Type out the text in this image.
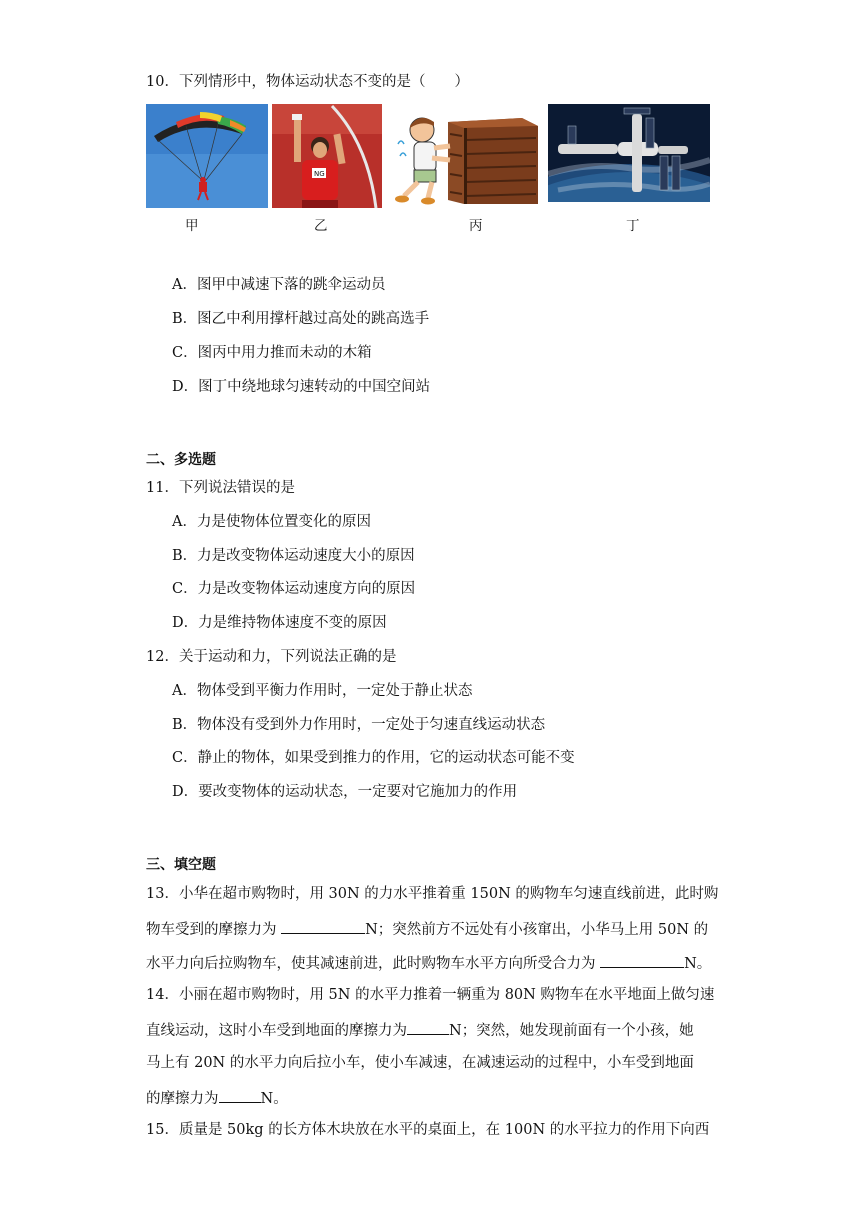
10．下列情形中，物体运动状态不变的是（　　）
NG
甲	乙	丙	丁
A．图甲中减速下落的跳伞运动员
B．图乙中利用撑杆越过高处的跳高选手
C．图丙中用力推而未动的木箱
D．图丁中绕地球匀速转动的中国空间站
二、多选题
11．下列说法错误的是
A．力是使物体位置变化的原因
B．力是改变物体运动速度大小的原因
C．力是改变物体运动速度方向的原因
D．力是维持物体速度不变的原因
12．关于运动和力，下列说法正确的是
A．物体受到平衡力作用时，一定处于静止状态
B．物体没有受到外力作用时，一定处于匀速直线运动状态
C．静止的物体，如果受到推力的作用，它的运动状态可能不变
D．要改变物体的运动状态，一定要对它施加力的作用
三、填空题
13．小华在超市购物时，用 30N 的力水平推着重 150N 的购物车匀速直线前进，此时购
物车受到的摩擦力为	N；突然前方不远处有小孩窜出，小华马上用 50N 的
水平力向后拉购物车，使其减速前进，此时购物车水平方向所受合力为	N。
14．小丽在超市购物时，用 5N 的水平力推着一辆重为 80N 购物车在水平地面上做匀速
直线运动，这时小车受到地面的摩擦力为	N；突然，她发现前面有一个小孩，她
马上有 20N 的水平力向后拉小车，使小车减速，在减速运动的过程中，小车受到地面
的摩擦力为	N。
15．质量是 50kg 的长方体木块放在水平的桌面上，在 100N 的水平拉力的作用下向西
